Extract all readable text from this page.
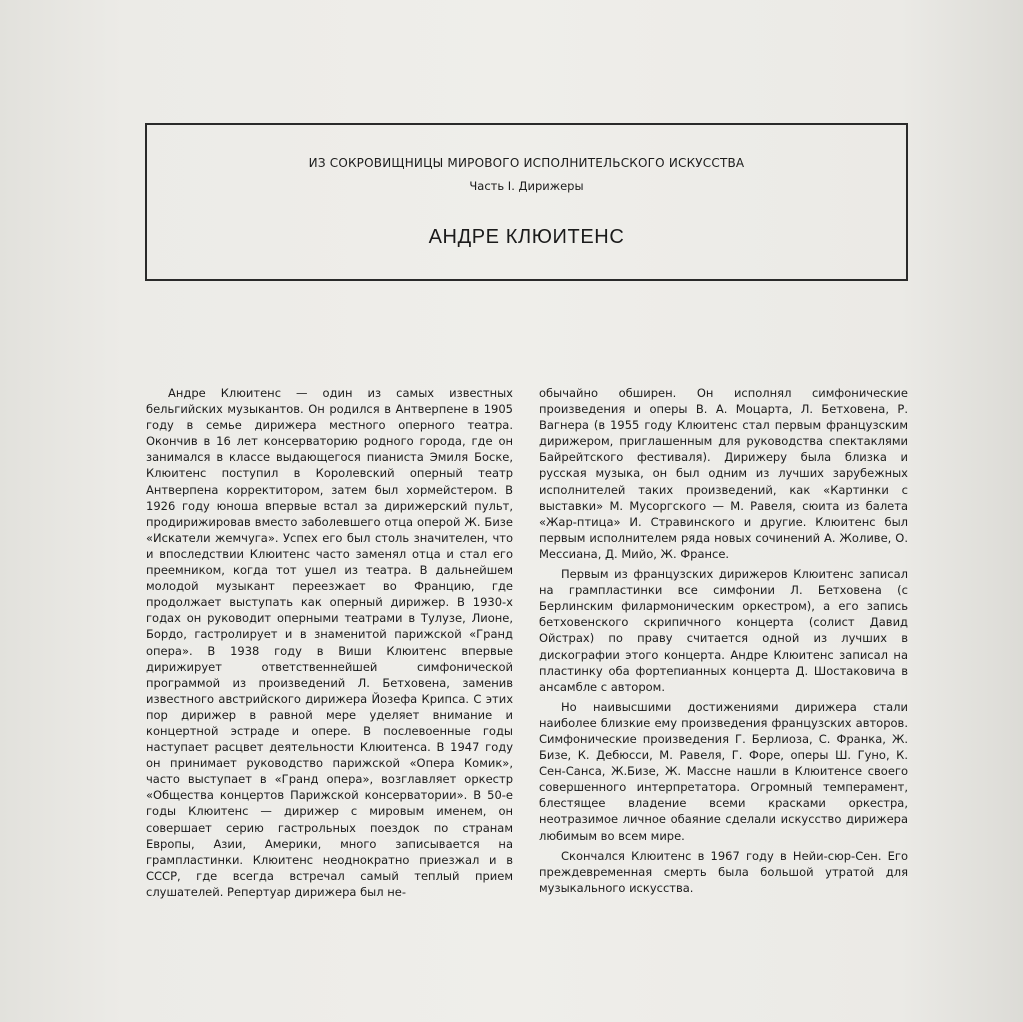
ИЗ СОКРОВИЩНИЦЫ МИРОВОГО ИСПОЛНИТЕЛЬСКОГО ИСКУССТВА
Часть I. Дирижеры
АНДРЕ КЛЮИТЕНС

Андре Клюитенс — один из самых известных бельгийских музыкантов. Он родился в Антверпене в 1905 году в семье дирижера местного оперного театра. Окончив в 16 лет консерваторию родного города, где он занимался в классе выдающегося пианиста Эмиля Боске, Клюитенс поступил в Королевский оперный театр Антверпена корректитором, затем был хормейстером. В 1926 году юноша впервые встал за дирижерский пульт, продирижировав вместо заболевшего отца оперой Ж. Бизе «Искатели жемчуга». Успех его был столь значителен, что и впоследствии Клюитенс часто заменял отца и стал его преемником, когда тот ушел из театра. В дальнейшем молодой музыкант переезжает во Францию, где продолжает выступать как оперный дирижер. В 1930-х годах он руководит оперными театрами в Тулузе, Лионе, Бордо, гастролирует и в знаменитой парижской «Гранд опера». В 1938 году в Виши Клюитенс впервые дирижирует ответственнейшей симфонической программой из произведений Л. Бетховена, заменив известного австрийского дирижера Йозефа Крипса. С этих пор дирижер в равной мере уделяет внимание и концертной эстраде и опере. В послевоенные годы наступает расцвет деятельности Клюитенса. В 1947 году он принимает руководство парижской «Опера Комик», часто выступает в «Гранд опера», возглавляет оркестр «Общества концертов Парижской консерватории». В 50-е годы Клюитенс — дирижер с мировым именем, он совершает серию гастрольных поездок по странам Европы, Азии, Америки, много записывается на грампластинки. Клюитенс неоднократно приезжал и в СССР, где всегда встречал самый теплый прием слушателей. Репертуар дирижера был не-

обычайно обширен. Он исполнял симфонические произведения и оперы В. А. Моцарта, Л. Бетховена, Р. Вагнера (в 1955 году Клюитенс стал первым французским дирижером, приглашенным для руководства спектаклями Байрейтского фестиваля). Дирижеру была близка и русская музыка, он был одним из лучших зарубежных исполнителей таких произведений, как «Картинки с выставки» М. Мусоргского — М. Равеля, сюита из балета «Жар-птица» И. Стравинского и другие. Клюитенс был первым исполнителем ряда новых сочинений А. Жоливе, О. Мессиана, Д. Мийо, Ж. Франсе.

Первым из французских дирижеров Клюитенс записал на грампластинки все симфонии Л. Бетховена (с Берлинским филармоническим оркестром), а его запись бетховенского скрипичного концерта (солист Давид Ойстрах) по праву считается одной из лучших в дискографии этого концерта. Андре Клюитенс записал на пластинку оба фортепианных концерта Д. Шостаковича в ансамбле с автором.

Но наивысшими достижениями дирижера стали наиболее близкие ему произведения французских авторов. Симфонические произведения Г. Берлиоза, С. Франка, Ж. Бизе, К. Дебюсси, М. Равеля, Г. Форе, оперы Ш. Гуно, К. Сен-Санса, Ж.Бизе, Ж. Массне нашли в Клюитенсе своего совершенного интерпретатора. Огромный темперамент, блестящее владение всеми красками оркестра, неотразимое личное обаяние сделали искусство дирижера любимым во всем мире.

Скончался Клюитенс в 1967 году в Нейи-сюр-Сен. Его преждевременная смерть была большой утратой для музыкального искусства.
